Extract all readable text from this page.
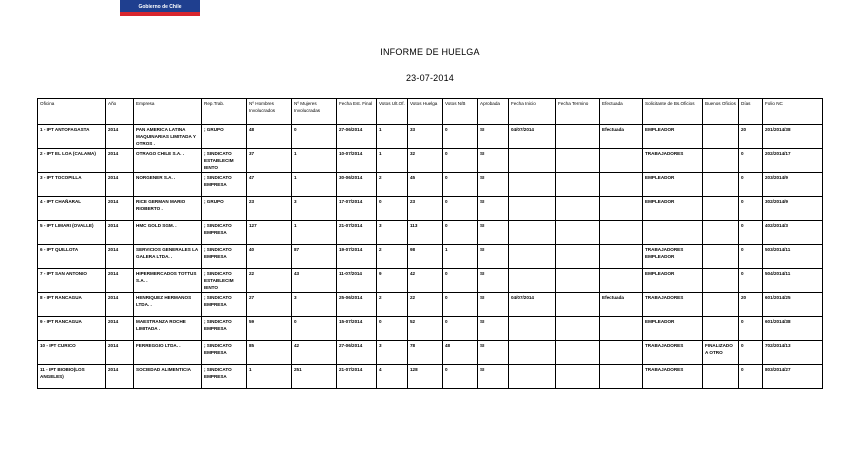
Gobierno de Chile
INFORME DE HUELGA
23-07-2014
Oficina	Año	Empresa	Rep.Trab.	Nº Hombres Involucrados	Nº Mujeres Involucradas	Fecha Est. Final	Votos Ult.Of.	Votos Huelga	Votos N/B	Aprobada	Fecha Inicio	Fecha Termino	Efectuada	Solicitante de Bs.Oficios	Buenos Oficios	Días	Folio NC
1 - IPT ANTOFAGASTA	2014	PAN AMERICA LATINA MAQUINARIAS LIMITADA Y OTROS .	; GRUPO	48	0	27-06/2014	1	33	0	SI	04/07/2014		Efectuada	EMPLEADOR		20	201/2014/38
2 - IPT EL LOA (CALAMA)	2014	OTRAGO CHILE S.A. .	; SINDICATO ESTABLECIM IENTO	37	1	10-07/2014	1	32	0	SI				TRABAJADORES		0	202/2014/17
3 - IPT TOCOPILLA	2014	NORGENER S.A. .	; SINDICATO EMPRESA	47	1	30-06/2014	2	45	0	SI				EMPLEADOR		0	203/2014/9
4 - IPT CHAÑARAL	2014	RICE GERMAN MARIO RIOBERTO .	; GRUPO	23	3	17-07/2014	0	23	0	SI				EMPLEADOR		0	302/2014/9
5 - IPT LIMARI (OVALLE)	2014	HMC GOLD SGM. .	; SINDICATO EMPRESA	127	1	21-07/2014	3	113	0	SI						0	402/2014/3
6 - IPT QUILLOTA	2014	SERVICIOS GENERALES LA GALERA LTDA. .	; SINDICATO EMPRESA	40	87	19-07/2014	2	98	1	SI				TRABAJADORES EMPLEADOR		0	503/2014/11
7 - IPT SAN ANTONIO	2014	HIPERMERCADOS TOTTUS S.A. .	; SINDICATO ESTABLECIM IENTO	22	43	11-07/2014	9	42	0	SI				EMPLEADOR		0	504/2014/11
8 - IPT RANCAGUA	2014	HENRIQUEZ HERMANOS LTDA. .	; SINDICATO EMPRESA	27	3	25-06/2014	2	22	0	SI	04/07/2014		Efectuada	TRABAJADORES		20	601/2014/25
9 - IPT RANCAGUA	2014	MAESTRANZA ROCHE LIMITADA .	; SINDICATO EMPRESA	59	0	15-07/2014	0	52	0	SI				EMPLEADOR		0	601/2014/38
10 - IPT CURICO	2014	FERREGGIO LTDA. .	; SINDICATO EMPRESA	85	42	27-06/2014	3	78	48	SI				TRABAJADORES	FINALIZADO A OTRO	0	702/2014/13
11 - IPT BIOBIO(LOS ANGELES)	2014	SOCIEDAD ALIMENTICIA	; SINDICATO EMPRESA	1	251	21-07/2014	4	128	0	SI				TRABAJADORES		0	803/2014/27
